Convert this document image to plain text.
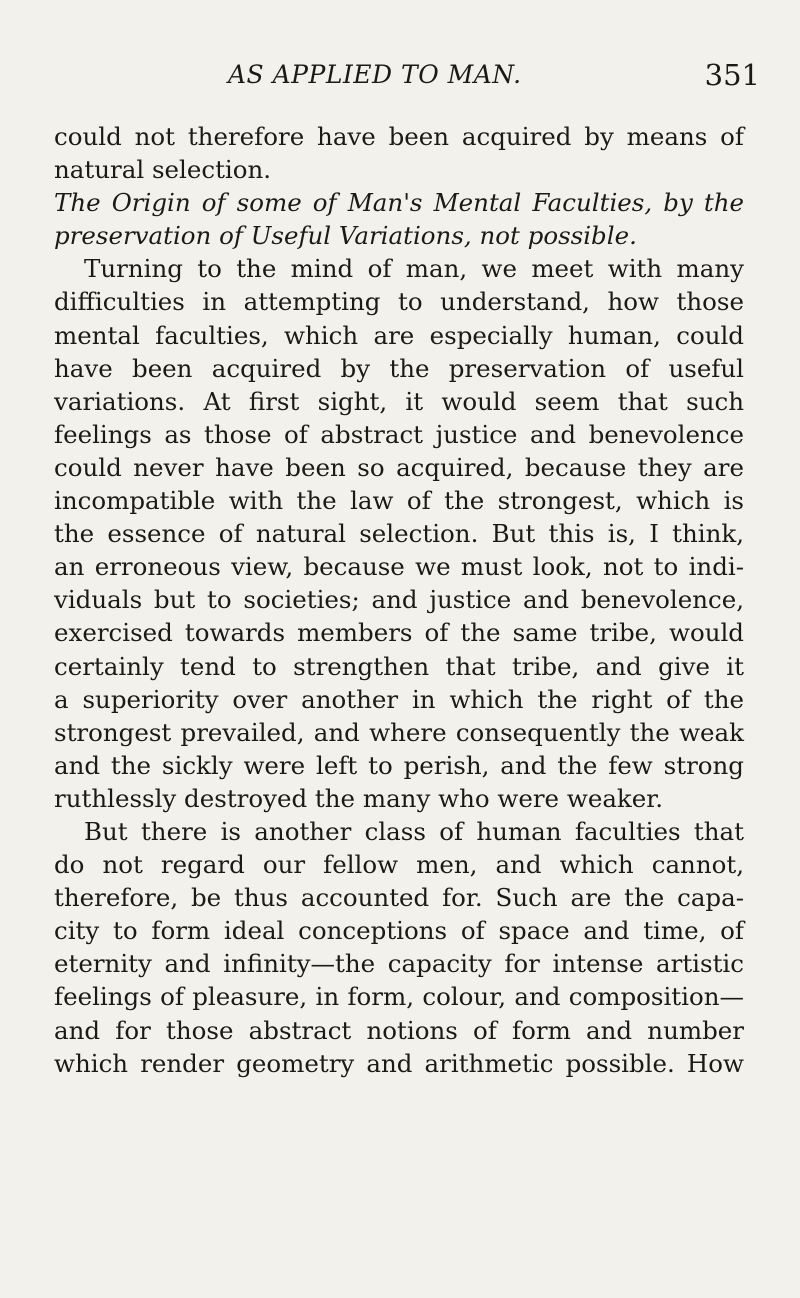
AS APPLIED TO MAN.	351
could not therefore have been acquired by means of
natural selection.
The Origin of some of Man's Mental Faculties, by the
preservation of Useful Variations, not possible.
Turning to the mind of man, we meet with many
difficulties in attempting to understand, how those
mental faculties, which are especially human, could
have been acquired by the preservation of useful
variations. At first sight, it would seem that such
feelings as those of abstract justice and benevolence
could never have been so acquired, because they are
incompatible with the law of the strongest, which is
the essence of natural selection. But this is, I think,
an erroneous view, because we must look, not to indi-
viduals but to societies; and justice and benevolence,
exercised towards members of the same tribe, would
certainly tend to strengthen that tribe, and give it
a superiority over another in which the right of the
strongest prevailed, and where consequently the weak
and the sickly were left to perish, and the few strong
ruthlessly destroyed the many who were weaker.
But there is another class of human faculties that
do not regard our fellow men, and which cannot,
therefore, be thus accounted for. Such are the capa-
city to form ideal conceptions of space and time, of
eternity and infinity—the capacity for intense artistic
feelings of pleasure, in form, colour, and composition—
and for those abstract notions of form and number
which render geometry and arithmetic possible. How
